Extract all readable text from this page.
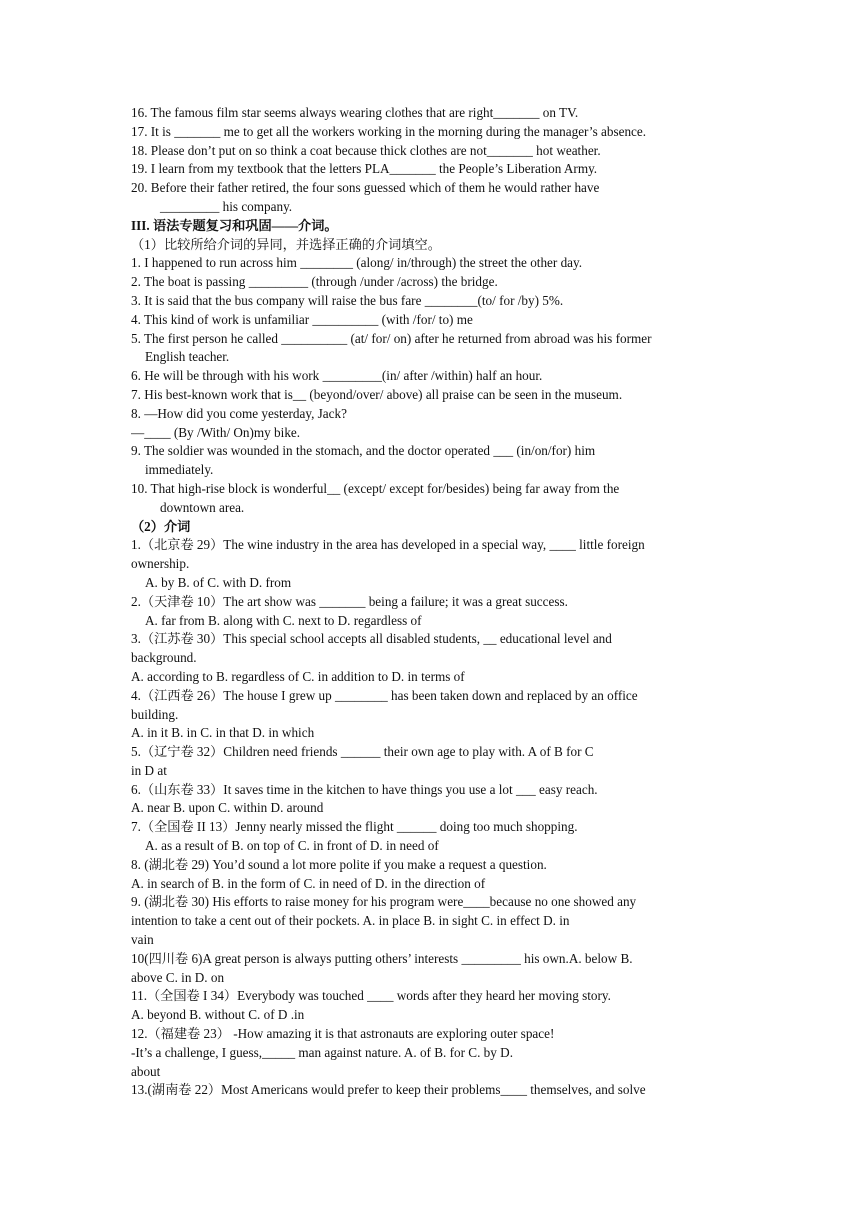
16. The famous film star seems always wearing clothes that are right_______ on TV.
17. It is _______ me to get all the workers working in the morning during the manager’s absence.
18. Please don’t put on so think a coat because thick clothes are not_______ hot weather.
19. I learn from my textbook that the letters PLA_______ the People’s Liberation Army.
20. Before their father retired, the four sons guessed which of them he would rather have
_________ his company.
III. 语法专题复习和巩固——介词。
（1）比较所给介词的异同，并选择正确的介词填空。
1. I happened to run across him ________ (along/ in/through) the street the other day.
2. The boat is passing _________ (through /under /across) the bridge.
3. It is said that the bus company will raise the bus fare ________(to/ for /by) 5%.
4. This kind of work is unfamiliar __________ (with /for/ to) me
5. The first person he called __________ (at/ for/ on) after he returned from abroad was his former
English teacher.
6. He will be through with his work _________(in/ after /within) half an hour.
7. His best-known work that is__ (beyond/over/ above) all praise can be seen in the museum.
8. —How did you come yesterday, Jack?
—____ (By /With/ On)my bike.
9. The soldier was wounded in the stomach, and the doctor operated ___ (in/on/for) him
immediately.
10. That high-rise block is wonderful__ (except/ except for/besides) being far away from the
downtown area.
（2）介词
1.（北京卷 29）The wine industry in the area has developed in a special way, ____ little foreign
ownership.
A. by B. of C. with D. from
2.（天津卷 10）The art show was _______ being a failure; it was a great success.
A. far from B. along with C. next to D. regardless of
3.（江苏卷 30）This special school accepts all disabled students, __ educational level and
background.
A. according to B. regardless of C. in addition to D. in terms of
4.（江西卷 26）The house I grew up ________ has been taken down and replaced by an office
building.
A. in it B. in C. in that D. in which
5.（辽宁卷 32）Children need friends ______ their own age to play with. A of B for C
in D at
6.（山东卷 33）It saves time in the kitchen to have things you use a lot ___ easy reach.
A. near B. upon C. within D. around
7.（全国卷 II 13）Jenny nearly missed the flight ______ doing too much shopping.
A. as a result of B. on top of C. in front of D. in need of
8. (湖北卷 29) You’d sound a lot more polite if you make a request a question.
A. in search of B. in the form of C. in need of D. in the direction of
9. (湖北卷 30) His efforts to raise money for his program were____because no one showed any
intention to take a cent out of their pockets. A. in place B. in sight C. in effect D. in
vain
10(四川卷 6)A great person is always putting others’ interests _________ his own.A. below B.
above C. in D. on
11.（全国卷 I 34）Everybody was touched ____ words after they heard her moving story.
A. beyond B. without C. of D .in
12.（福建卷 23） -How amazing it is that astronauts are exploring outer space!
-It’s a challenge, I guess,_____ man against nature. A. of B. for C. by D.
about
13.(湖南卷 22）Most Americans would prefer to keep their problems____ themselves, and solve
